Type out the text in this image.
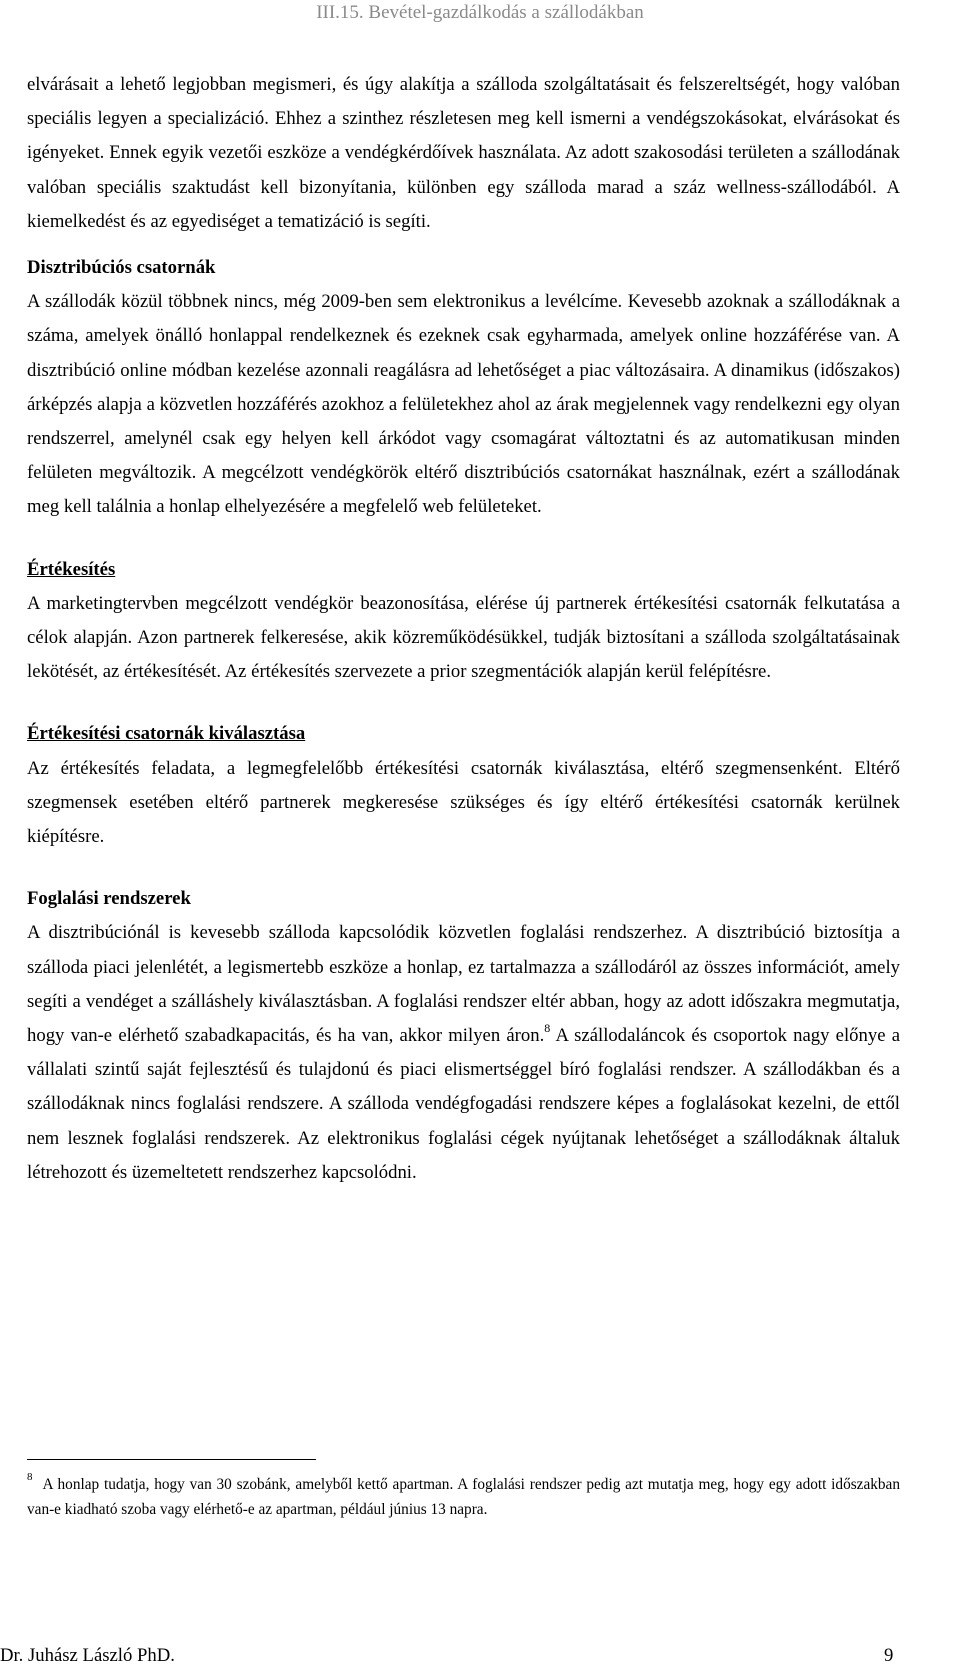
III.15. Bevétel-gazdálkodás a szállodákban

elvárásait a lehető legjobban megismeri, és úgy alakítja a szálloda szolgáltatásait és felszereltségét, hogy valóban speciális legyen a specializáció. Ehhez a szinthez részletesen meg kell ismerni a vendégszokásokat, elvárásokat és igényeket. Ennek egyik vezetői eszköze a vendégkérdőívek használata. Az adott szakosodási területen a szállodának valóban speciális szaktudást kell bizonyítania, különben egy szálloda marad a száz wellness-szállodából. A kiemelkedést és az egyediséget a tematizáció is segíti.

Disztribúciós csatornák

A szállodák közül többnek nincs, még 2009-ben sem elektronikus a levélcíme. Kevesebb azoknak a szállodáknak a száma, amelyek önálló honlappal rendelkeznek és ezeknek csak egyharmada, amelyek online hozzáférése van. A disztribúció online módban kezelése azonnali reagálásra ad lehetőséget a piac változásaira. A dinamikus (időszakos) árképzés alapja a közvetlen hozzáférés azokhoz a felületekhez ahol az árak megjelennek vagy rendelkezni egy olyan rendszerrel, amelynél csak egy helyen kell árkódot vagy csomagárat változtatni és az automatikusan minden felületen megváltozik. A megcélzott vendégkörök eltérő disztribúciós csatornákat használnak, ezért a szállodának meg kell találnia a honlap elhelyezésére a megfelelő web felületeket.

Értékesítés

A marketingtervben megcélzott vendégkör beazonosítása, elérése új partnerek értékesítési csatornák felkutatása a célok alapján. Azon partnerek felkeresése, akik közreműködésükkel, tudják biztosítani a szálloda szolgáltatásainak lekötését, az értékesítését. Az értékesítés szervezete a prior szegmentációk alapján kerül felépítésre.

Értékesítési csatornák kiválasztása

Az értékesítés feladata, a legmegfelelőbb értékesítési csatornák kiválasztása, eltérő szegmensenként. Eltérő szegmensek esetében eltérő partnerek megkeresése szükséges és így eltérő értékesítési csatornák kerülnek kiépítésre.

Foglalási rendszerek

A disztribúciónál is kevesebb szálloda kapcsolódik közvetlen foglalási rendszerhez. A disztribúció biztosítja a szálloda piaci jelenlétét, a legismertebb eszköze a honlap, ez tartalmazza a szállodáról az összes információt, amely segíti a vendéget a szálláshely kiválasztásban. A foglalási rendszer eltér abban, hogy az adott időszakra megmutatja, hogy van-e elérhető szabadkapacitás, és ha van, akkor milyen áron.$^8$ A szállodaláncok és csoportok nagy előnye a vállalati szintű saját fejlesztésű és tulajdonú és piaci elismertséggel bíró foglalási rendszer. A szállodákban és a szállodáknak nincs foglalási rendszere. A szálloda vendégfogadási rendszere képes a foglalásokat kezelni, de ettől nem lesznek foglalási rendszerek. Az elektronikus foglalási cégek nyújtanak lehetőséget a szállodáknak általuk létrehozott és üzemeltetett rendszerhez kapcsolódni.

$^8$ A honlap tudatja, hogy van 30 szobánk, amelyből kettő apartman. A foglalási rendszer pedig azt mutatja meg, hogy egy adott időszakban van-e kiadható szoba vagy elérhető-e az apartman, például június 13 napra.
Dr. Juhász László PhD.	9
